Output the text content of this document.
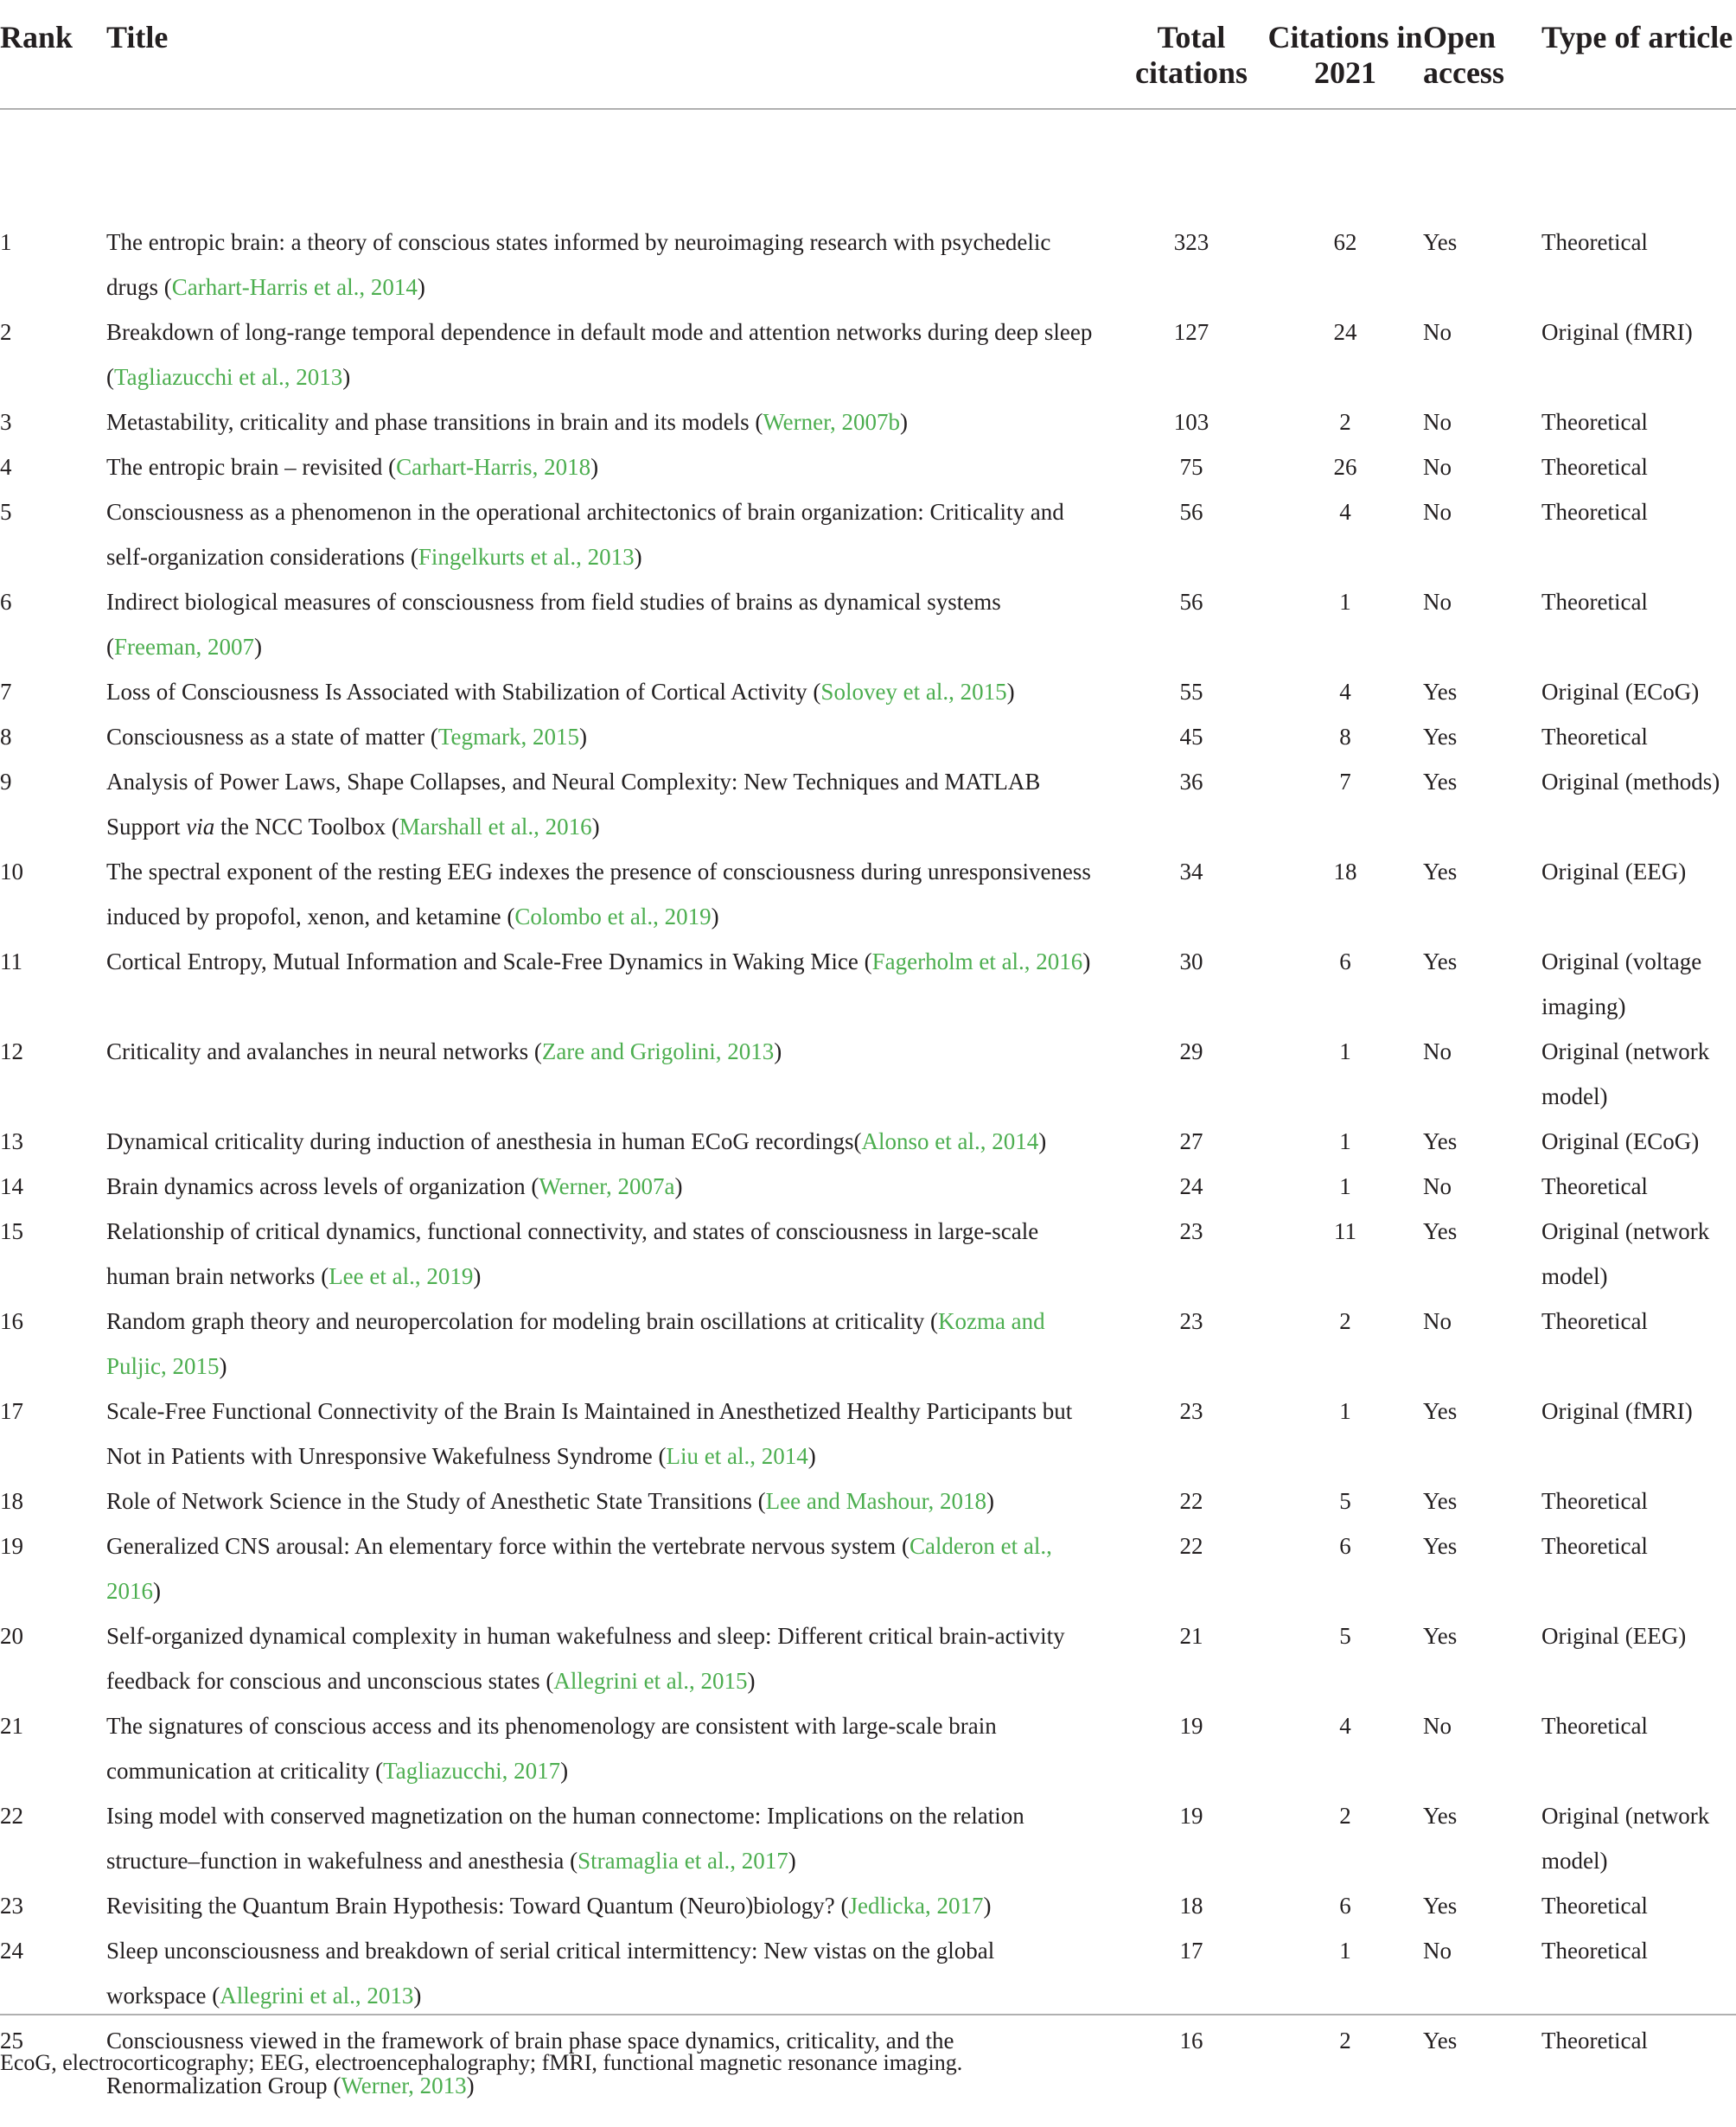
Rank	Title	Total citations	Citations in 2021	Open access	Type of article
1	The entropic brain: a theory of conscious states informed by neuroimaging research with psychedelic drugs (Carhart-Harris et al., 2014)	323	62	Yes	Theoretical
2	Breakdown of long-range temporal dependence in default mode and attention networks during deep sleep (Tagliazucchi et al., 2013)	127	24	No	Original (fMRI)
3	Metastability, criticality and phase transitions in brain and its models (Werner, 2007b)	103	2	No	Theoretical
4	The entropic brain – revisited (Carhart-Harris, 2018)	75	26	No	Theoretical
5	Consciousness as a phenomenon in the operational architectonics of brain organization: Criticality and self-organization considerations (Fingelkurts et al., 2013)	56	4	No	Theoretical
6	Indirect biological measures of consciousness from field studies of brains as dynamical systems (Freeman, 2007)	56	1	No	Theoretical
7	Loss of Consciousness Is Associated with Stabilization of Cortical Activity (Solovey et al., 2015)	55	4	Yes	Original (ECoG)
8	Consciousness as a state of matter (Tegmark, 2015)	45	8	Yes	Theoretical
9	Analysis of Power Laws, Shape Collapses, and Neural Complexity: New Techniques and MATLAB Support via the NCC Toolbox (Marshall et al., 2016)	36	7	Yes	Original (methods)
10	The spectral exponent of the resting EEG indexes the presence of consciousness during unresponsiveness induced by propofol, xenon, and ketamine (Colombo et al., 2019)	34	18	Yes	Original (EEG)
11	Cortical Entropy, Mutual Information and Scale-Free Dynamics in Waking Mice (Fagerholm et al., 2016)	30	6	Yes	Original (voltage imaging)
12	Criticality and avalanches in neural networks (Zare and Grigolini, 2013)	29	1	No	Original (network model)
13	Dynamical criticality during induction of anesthesia in human ECoG recordings(Alonso et al., 2014)	27	1	Yes	Original (ECoG)
14	Brain dynamics across levels of organization (Werner, 2007a)	24	1	No	Theoretical
15	Relationship of critical dynamics, functional connectivity, and states of consciousness in large-scale human brain networks (Lee et al., 2019)	23	11	Yes	Original (network model)
16	Random graph theory and neuropercolation for modeling brain oscillations at criticality (Kozma and Puljic, 2015)	23	2	No	Theoretical
17	Scale-Free Functional Connectivity of the Brain Is Maintained in Anesthetized Healthy Participants but Not in Patients with Unresponsive Wakefulness Syndrome (Liu et al., 2014)	23	1	Yes	Original (fMRI)
18	Role of Network Science in the Study of Anesthetic State Transitions (Lee and Mashour, 2018)	22	5	Yes	Theoretical
19	Generalized CNS arousal: An elementary force within the vertebrate nervous system (Calderon et al., 2016)	22	6	Yes	Theoretical
20	Self-organized dynamical complexity in human wakefulness and sleep: Different critical brain-activity feedback for conscious and unconscious states (Allegrini et al., 2015)	21	5	Yes	Original (EEG)
21	The signatures of conscious access and its phenomenology are consistent with large-scale brain communication at criticality (Tagliazucchi, 2017)	19	4	No	Theoretical
22	Ising model with conserved magnetization on the human connectome: Implications on the relation structure–function in wakefulness and anesthesia (Stramaglia et al., 2017)	19	2	Yes	Original (network model)
23	Revisiting the Quantum Brain Hypothesis: Toward Quantum (Neuro)biology? (Jedlicka, 2017)	18	6	Yes	Theoretical
24	Sleep unconsciousness and breakdown of serial critical intermittency: New vistas on the global workspace (Allegrini et al., 2013)	17	1	No	Theoretical
25	Consciousness viewed in the framework of brain phase space dynamics, criticality, and the Renormalization Group (Werner, 2013)	16	2	Yes	Theoretical
EcoG, electrocorticography; EEG, electroencephalography; fMRI, functional magnetic resonance imaging.
